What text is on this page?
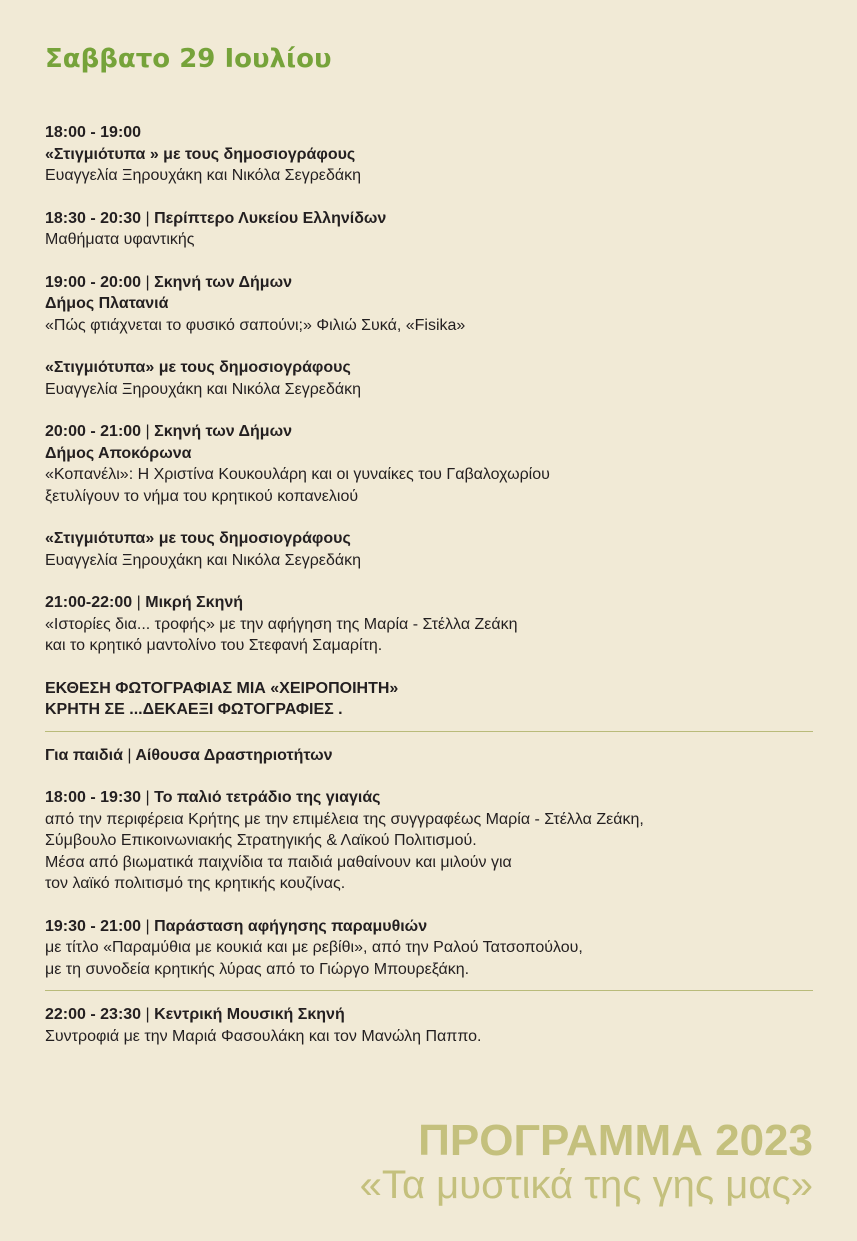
Σαββατο 29 Ιουλίου
18:00 - 19:00
«Στιγμιότυπα » με τους δημοσιογράφους
Ευαγγελία Ξηρουχάκη και Νικόλα Σεγρεδάκη
18:30 - 20:30 | Περίπτερο Λυκείου Ελληνίδων
Μαθήματα υφαντικής
19:00 - 20:00 | Σκηνή των Δήμων
Δήμος Πλατανιά
«Πώς φτιάχνεται το φυσικό σαπούνι;» Φιλιώ Συκά, «Fisika»
«Στιγμιότυπα» με τους δημοσιογράφους
Ευαγγελία Ξηρουχάκη και Νικόλα Σεγρεδάκη
20:00 - 21:00 | Σκηνή των Δήμων
Δήμος Αποκόρωνα
«Κοπανέλι»: Η Χριστίνα Κουκουλάρη και οι γυναίκες του Γαβαλοχωρίου
ξετυλίγουν το νήμα του κρητικού κοπανελιού
«Στιγμιότυπα» με τους δημοσιογράφους
Ευαγγελία Ξηρουχάκη και Νικόλα Σεγρεδάκη
21:00-22:00 | Μικρή Σκηνή
«Ιστορίες δια... τροφής» με την αφήγηση της Μαρία - Στέλλα Ζεάκη
και το κρητικό μαντολίνο του Στεφανή Σαμαρίτη.
ΕΚΘΕΣΗ ΦΩΤΟΓΡΑΦΙΑΣ ΜΙΑ «ΧΕΙΡΟΠΟΙΗΤΗ»
ΚΡΗΤΗ ΣΕ ...ΔΕΚΑΕΞΙ ΦΩΤΟΓΡΑΦΙΕΣ .
Για παιδιά | Αίθουσα Δραστηριοτήτων
18:00 - 19:30 | Το παλιό τετράδιο της γιαγιάς
από την περιφέρεια Κρήτης με την επιμέλεια της συγγραφέως Μαρία - Στέλλα Ζεάκη,
Σύμβουλο Επικοινωνιακής Στρατηγικής & Λαϊκού Πολιτισμού.
Μέσα από βιωματικά παιχνίδια τα παιδιά μαθαίνουν και μιλούν για
τον λαϊκό πολιτισμό της κρητικής κουζίνας.
19:30 - 21:00 | Παράσταση αφήγησης παραμυθιών
με τίτλο «Παραμύθια με κουκιά και με ρεβίθι», από την Ραλού Τατσοπούλου,
με τη συνοδεία κρητικής λύρας από το Γιώργο Μπουρεξάκη.
22:00 - 23:30 | Κεντρική Μουσική Σκηνή
Συντροφιά με την Μαριά Φασουλάκη και τον Μανώλη Παππο.
ΠΡΟΓΡΑΜΜΑ 2023
«Τα μυστικά της γης μας»
